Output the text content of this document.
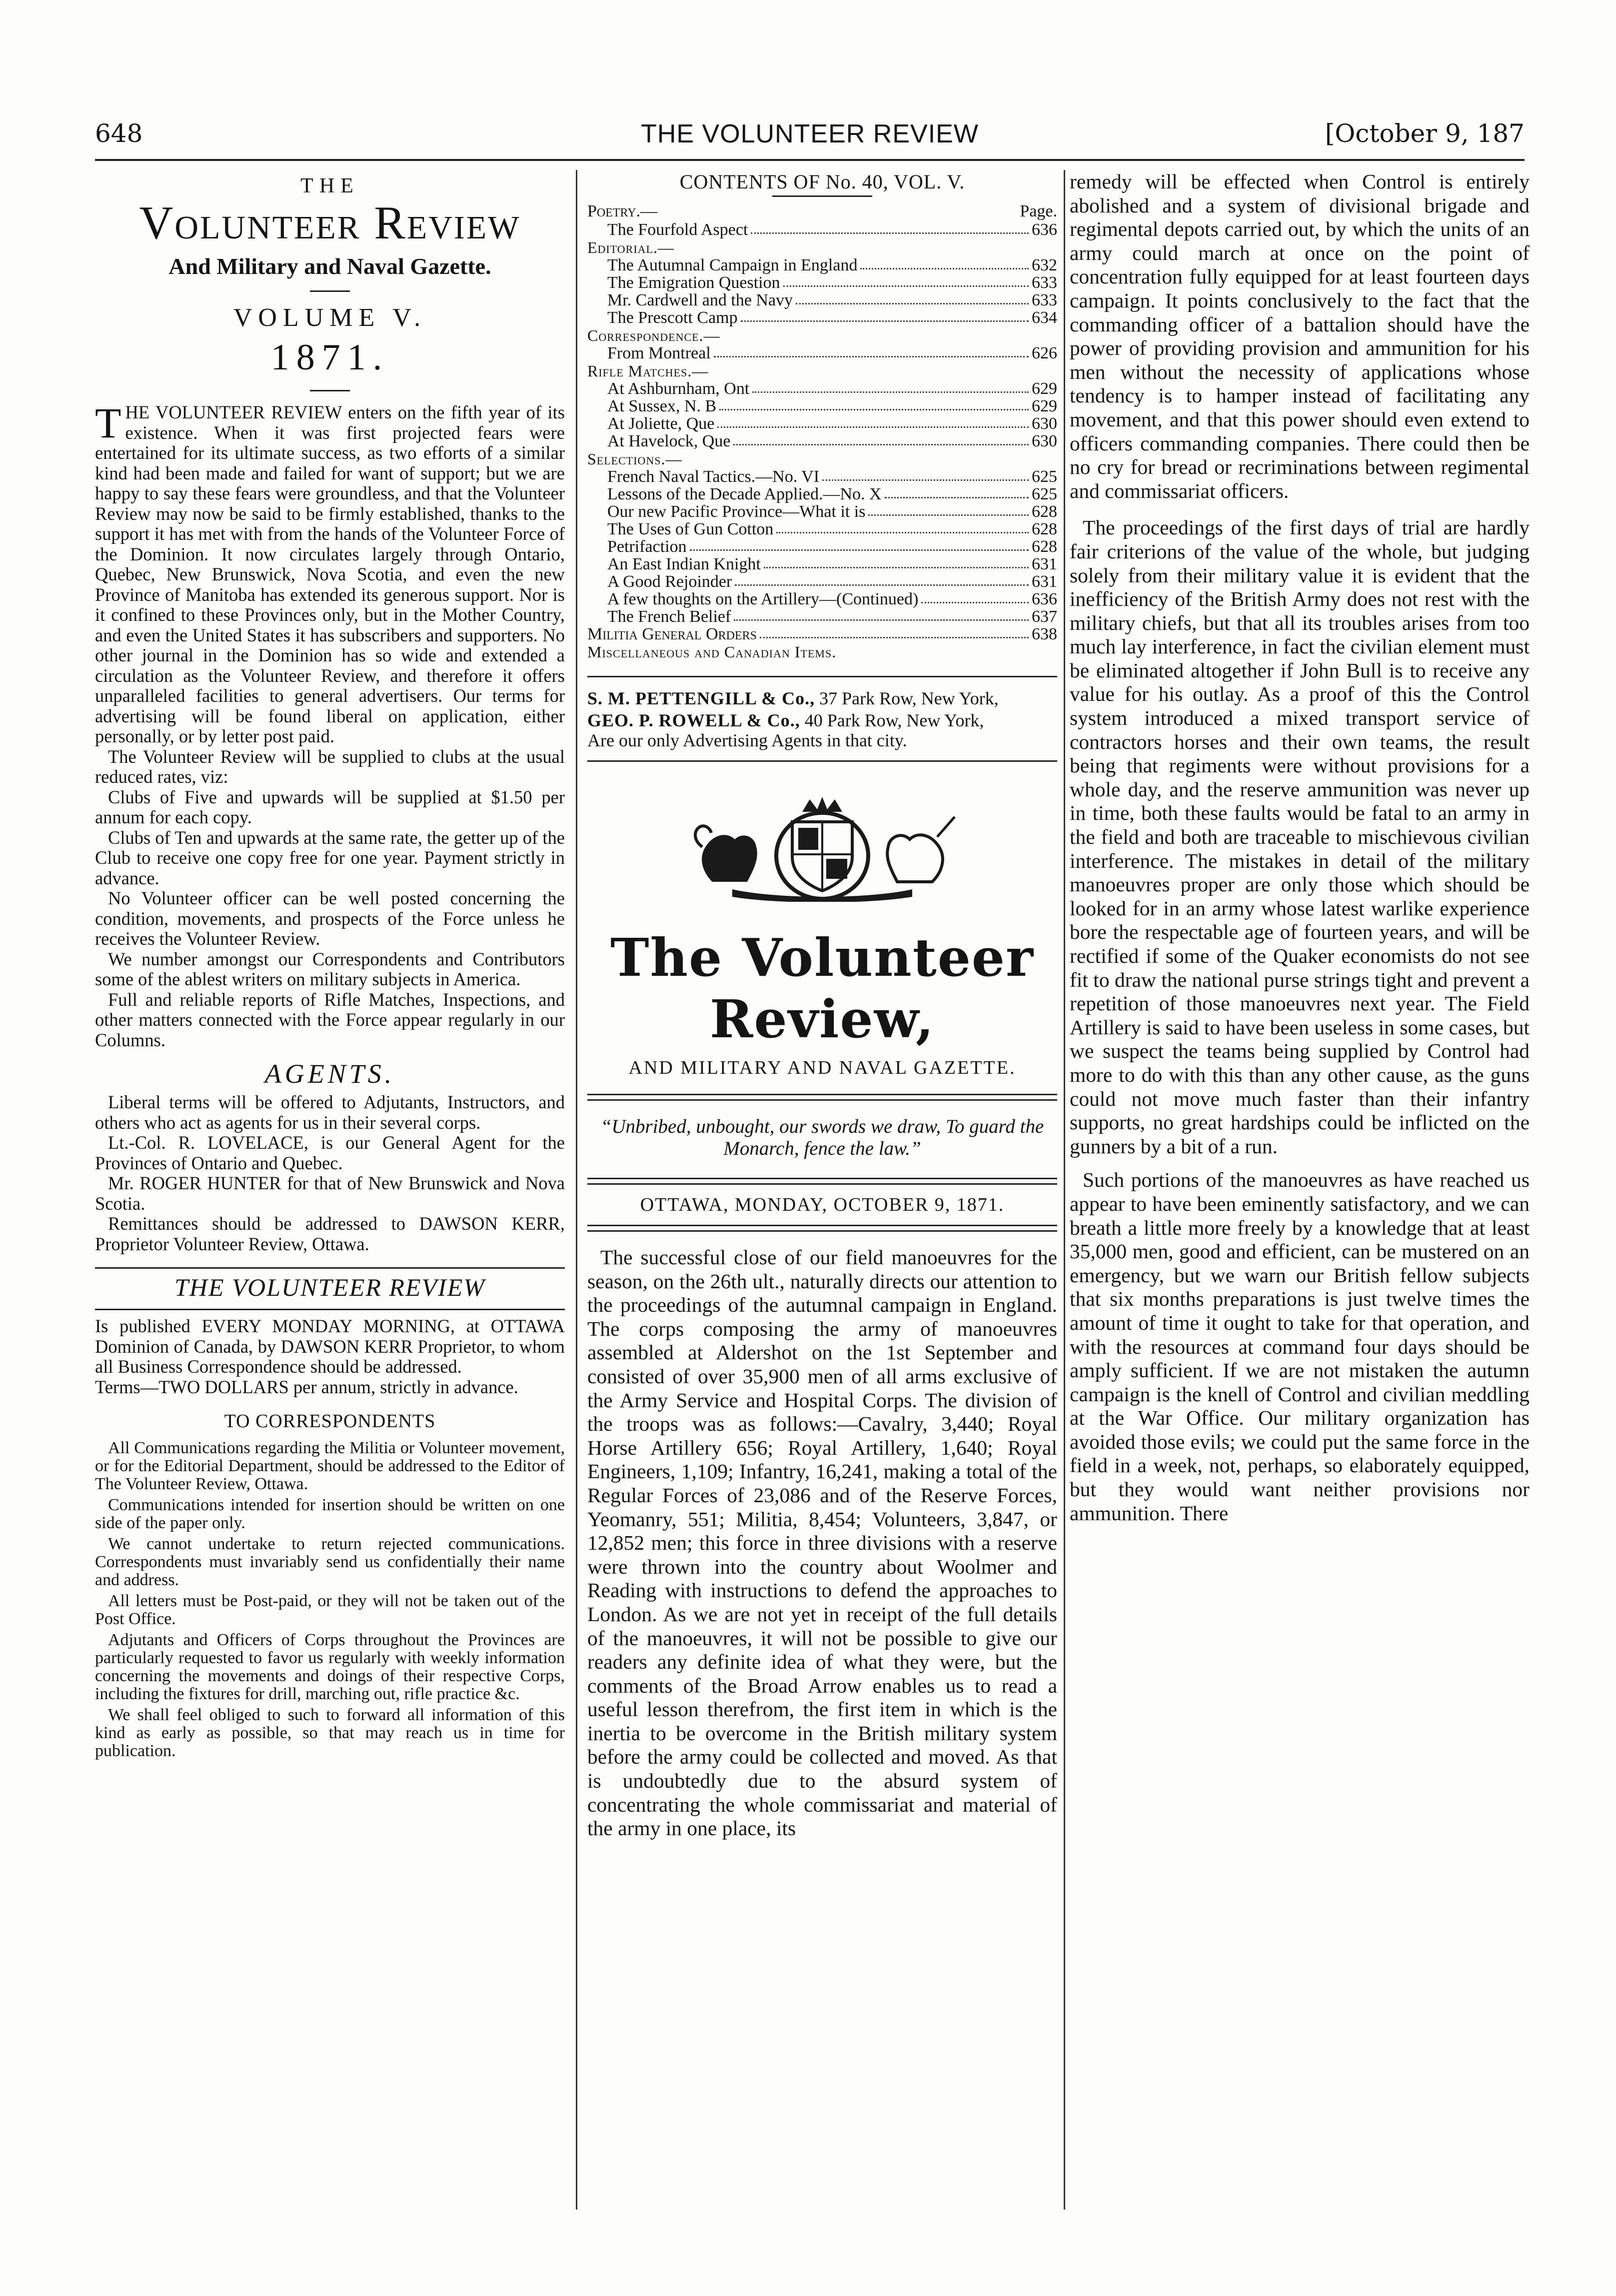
648	THE VOLUNTEER REVIEW	[October 9, 187
THE
Volunteer Review
And Military and Naval Gazette.
VOLUME V.
1871.

THE VOLUNTEER REVIEW enters on the fifth year of its existence. When it was first projected fears were entertained for its ultimate success, as two efforts of a similar kind had been made and failed for want of support; but we are happy to say these fears were groundless, and that the Volunteer Review may now be said to be firmly established, thanks to the support it has met with from the hands of the Volunteer Force of the Dominion. It now circulates largely through Ontario, Quebec, New Brunswick, Nova Scotia, and even the new Province of Manitoba has extended its generous support. Nor is it confined to these Provinces only, but in the Mother Country, and even the United States it has subscribers and supporters. No other journal in the Dominion has so wide and extended a circulation as the Volunteer Review, and therefore it offers unparalleled facilities to general advertisers. Our terms for advertising will be found liberal on application, either personally, or by letter post paid.

The Volunteer Review will be supplied to clubs at the usual reduced rates, viz:

Clubs of Five and upwards will be supplied at $1.50 per annum for each copy.

Clubs of Ten and upwards at the same rate, the getter up of the Club to receive one copy free for one year. Payment strictly in advance.

No Volunteer officer can be well posted concerning the condition, movements, and prospects of the Force unless he receives the Volunteer Review.

We number amongst our Correspondents and Contributors some of the ablest writers on military subjects in America.

Full and reliable reports of Rifle Matches, Inspections, and other matters connected with the Force appear regularly in our Columns.

AGENTS.

Liberal terms will be offered to Adjutants, Instructors, and others who act as agents for us in their several corps.

Lt.-Col. R. LOVELACE, is our General Agent for the Provinces of Ontario and Quebec.

Mr. ROGER HUNTER for that of New Brunswick and Nova Scotia.

Remittances should be addressed to DAWSON KERR, Proprietor Volunteer Review, Ottawa.

THE VOLUNTEER REVIEW

Is published EVERY MONDAY MORNING, at OTTAWA Dominion of Canada, by DAWSON KERR Proprietor, to whom all Business Correspondence should be addressed.

Terms—TWO DOLLARS per annum, strictly in advance.

TO CORRESPONDENTS

All Communications regarding the Militia or Volunteer movement, or for the Editorial Department, should be addressed to the Editor of The Volunteer Review, Ottawa.

Communications intended for insertion should be written on one side of the paper only.

We cannot undertake to return rejected communications. Correspondents must invariably send us confidentially their name and address.

All letters must be Post-paid, or they will not be taken out of the Post Office.

Adjutants and Officers of Corps throughout the Provinces are particularly requested to favor us regularly with weekly information concerning the movements and doings of their respective Corps, including the fixtures for drill, marching out, rifle practice &c.

We shall feel obliged to such to forward all information of this kind as early as possible, so that may reach us in time for publication.

CONTENTS OF No. 40, VOL. V.
Poetry.—	Page.
The Fourfold Aspect	636
Editorial.—
The Autumnal Campaign in England	632
The Emigration Question	633
Mr. Cardwell and the Navy	633
The Prescott Camp	634
Correspondence.—
From Montreal	626
Rifle Matches.—
At Ashburnham, Ont	629
At Sussex, N. B	629
At Joliette, Que	630
At Havelock, Que	630
Selections.—
French Naval Tactics.—No. VI	625
Lessons of the Decade Applied.—No. X	625
Our new Pacific Province—What it is	628
The Uses of Gun Cotton	628
Petrifaction	628
An East Indian Knight	631
A Good Rejoinder	631
A few thoughts on the Artillery—(Continued)	636
The French Belief	637
Militia General Orders	638
Miscellaneous and Canadian Items.

S. M. PETTENGILL & Co., 37 Park Row, New York,

GEO. P. ROWELL & Co., 40 Park Row, New York,

Are our only Advertising Agents in that city.

The Volunteer Review,
AND MILITARY AND NAVAL GAZETTE.
“Unbribed, unbought, our swords we draw, To guard the Monarch, fence the law.”
OTTAWA, MONDAY, OCTOBER 9, 1871.

The successful close of our field manoeuvres for the season, on the 26th ult., naturally directs our attention to the proceedings of the autumnal campaign in England. The corps composing the army of manoeuvres assembled at Aldershot on the 1st September and consisted of over 35,900 men of all arms exclusive of the Army Service and Hospital Corps. The division of the troops was as follows:—Cavalry, 3,440; Royal Horse Artillery 656; Royal Artillery, 1,640; Royal Engineers, 1,109; Infantry, 16,241, making a total of the Regular Forces of 23,086 and of the Reserve Forces, Yeomanry, 551; Militia, 8,454; Volunteers, 3,847, or 12,852 men; this force in three divisions with a reserve were thrown into the country about Woolmer and Reading with instructions to defend the approaches to London. As we are not yet in receipt of the full details of the manoeuvres, it will not be possible to give our readers any definite idea of what they were, but the comments of the Broad Arrow enables us to read a useful lesson therefrom, the first item in which is the inertia to be overcome in the British military system before the army could be collected and moved. As that is undoubtedly due to the absurd system of concentrating the whole commissariat and material of the army in one place, its

remedy will be effected when Control is entirely abolished and a system of divisional brigade and regimental depots carried out, by which the units of an army could march at once on the point of concentration fully equipped for at least fourteen days campaign. It points conclusively to the fact that the commanding officer of a battalion should have the power of providing provision and ammunition for his men without the necessity of applications whose tendency is to hamper instead of facilitating any movement, and that this power should even extend to officers commanding companies. There could then be no cry for bread or recriminations between regimental and commissariat officers.

The proceedings of the first days of trial are hardly fair criterions of the value of the whole, but judging solely from their military value it is evident that the inefficiency of the British Army does not rest with the military chiefs, but that all its troubles arises from too much lay interference, in fact the civilian element must be eliminated altogether if John Bull is to receive any value for his outlay. As a proof of this the Control system introduced a mixed transport service of contractors horses and their own teams, the result being that regiments were without provisions for a whole day, and the reserve ammunition was never up in time, both these faults would be fatal to an army in the field and both are traceable to mischievous civilian interference. The mistakes in detail of the military manoeuvres proper are only those which should be looked for in an army whose latest warlike experience bore the respectable age of fourteen years, and will be rectified if some of the Quaker economists do not see fit to draw the national purse strings tight and prevent a repetition of those manoeuvres next year. The Field Artillery is said to have been useless in some cases, but we suspect the teams being supplied by Control had more to do with this than any other cause, as the guns could not move much faster than their infantry supports, no great hardships could be inflicted on the gunners by a bit of a run.

Such portions of the manoeuvres as have reached us appear to have been eminently satisfactory, and we can breath a little more freely by a knowledge that at least 35,000 men, good and efficient, can be mustered on an emergency, but we warn our British fellow subjects that six months preparations is just twelve times the amount of time it ought to take for that operation, and with the resources at command four days should be amply sufficient. If we are not mistaken the autumn campaign is the knell of Control and civilian meddling at the War Office. Our military organization has avoided those evils; we could put the same force in the field in a week, not, perhaps, so elaborately equipped, but they would want neither provisions nor ammunition. There
